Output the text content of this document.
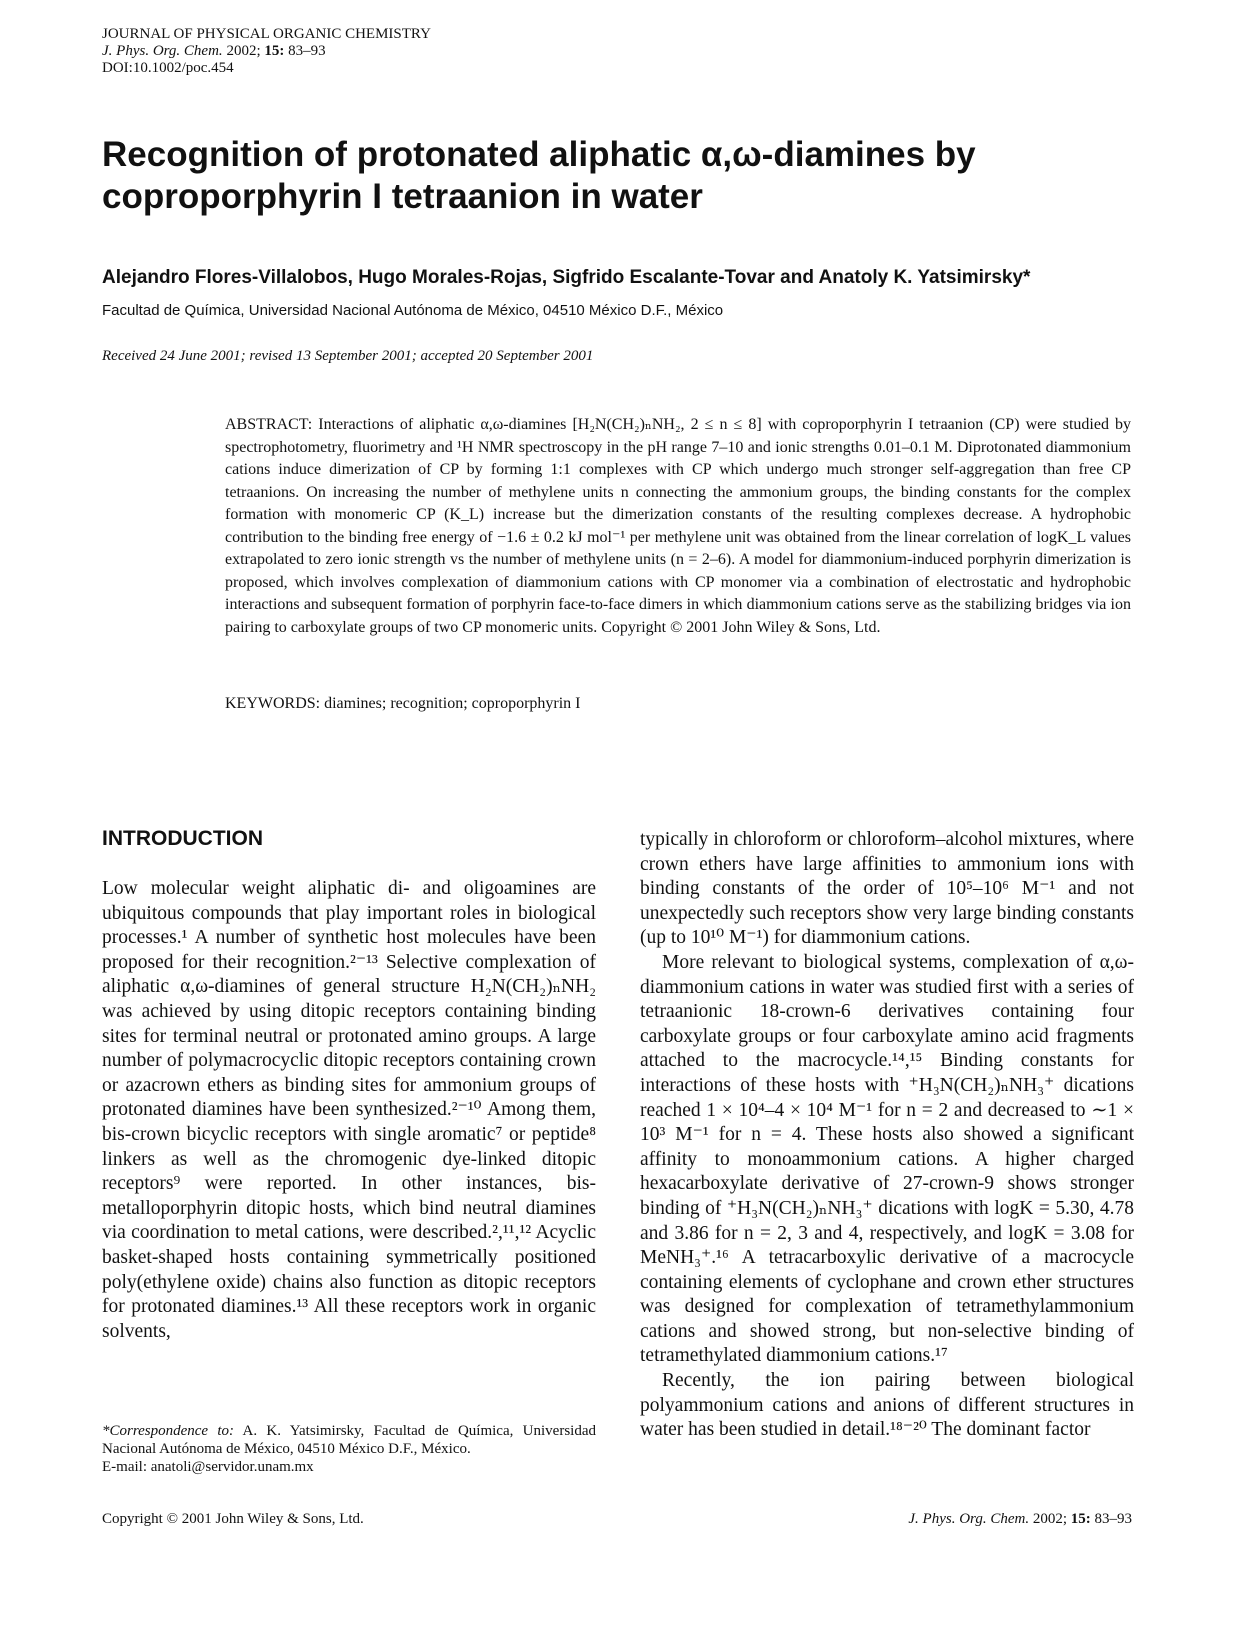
JOURNAL OF PHYSICAL ORGANIC CHEMISTRY
J. Phys. Org. Chem. 2002; 15: 83–93
DOI:10.1002/poc.454
Recognition of protonated aliphatic α,ω-diamines by coproporphyrin I tetraanion in water
Alejandro Flores-Villalobos, Hugo Morales-Rojas, Sigfrido Escalante-Tovar and Anatoly K. Yatsimirsky*
Facultad de Química, Universidad Nacional Autónoma de México, 04510 México D.F., México
Received 24 June 2001; revised 13 September 2001; accepted 20 September 2001
ABSTRACT: Interactions of aliphatic α,ω-diamines [H₂N(CH₂)ₙNH₂, 2 ≤ n ≤ 8] with coproporphyrin I tetraanion (CP) were studied by spectrophotometry, fluorimetry and ¹H NMR spectroscopy in the pH range 7–10 and ionic strengths 0.01–0.1 M. Diprotonated diammonium cations induce dimerization of CP by forming 1:1 complexes with CP which undergo much stronger self-aggregation than free CP tetraanions. On increasing the number of methylene units n connecting the ammonium groups, the binding constants for the complex formation with monomeric CP (K_L) increase but the dimerization constants of the resulting complexes decrease. A hydrophobic contribution to the binding free energy of −1.6 ± 0.2 kJ mol⁻¹ per methylene unit was obtained from the linear correlation of logK_L values extrapolated to zero ionic strength vs the number of methylene units (n = 2–6). A model for diammonium-induced porphyrin dimerization is proposed, which involves complexation of diammonium cations with CP monomer via a combination of electrostatic and hydrophobic interactions and subsequent formation of porphyrin face-to-face dimers in which diammonium cations serve as the stabilizing bridges via ion pairing to carboxylate groups of two CP monomeric units. Copyright © 2001 John Wiley & Sons, Ltd.
KEYWORDS: diamines; recognition; coproporphyrin I
INTRODUCTION

Low molecular weight aliphatic di- and oligoamines are ubiquitous compounds that play important roles in biological processes.¹ A number of synthetic host molecules have been proposed for their recognition.²⁻¹³ Selective complexation of aliphatic α,ω-diamines of general structure H₂N(CH₂)ₙNH₂ was achieved by using ditopic receptors containing binding sites for terminal neutral or protonated amino groups. A large number of polymacrocyclic ditopic receptors containing crown or azacrown ethers as binding sites for ammonium groups of protonated diamines have been synthesized.²⁻¹⁰ Among them, bis-crown bicyclic receptors with single aromatic⁷ or peptide⁸ linkers as well as the chromogenic dye-linked ditopic receptors⁹ were reported. In other instances, bis-metalloporphyrin ditopic hosts, which bind neutral diamines via coordination to metal cations, were described.²,¹¹,¹² Acyclic basket-shaped hosts containing symmetrically positioned poly(ethylene oxide) chains also function as ditopic receptors for protonated diamines.¹³ All these receptors work in organic solvents,

typically in chloroform or chloroform–alcohol mixtures, where crown ethers have large affinities to ammonium ions with binding constants of the order of 10⁵–10⁶ M⁻¹ and not unexpectedly such receptors show very large binding constants (up to 10¹⁰ M⁻¹) for diammonium cations.

More relevant to biological systems, complexation of α,ω-diammonium cations in water was studied first with a series of tetraanionic 18-crown-6 derivatives containing four carboxylate groups or four carboxylate amino acid fragments attached to the macrocycle.¹⁴,¹⁵ Binding constants for interactions of these hosts with ⁺H₃N(CH₂)ₙNH₃⁺ dications reached 1 × 10⁴–4 × 10⁴ M⁻¹ for n = 2 and decreased to ∼1 × 10³ M⁻¹ for n = 4. These hosts also showed a significant affinity to monoammonium cations. A higher charged hexacarboxylate derivative of 27-crown-9 shows stronger binding of ⁺H₃N(CH₂)ₙNH₃⁺ dications with logK = 5.30, 4.78 and 3.86 for n = 2, 3 and 4, respectively, and logK = 3.08 for MeNH₃⁺.¹⁶ A tetracarboxylic derivative of a macrocycle containing elements of cyclophane and crown ether structures was designed for complexation of tetramethylammonium cations and showed strong, but non-selective binding of tetramethylated diammonium cations.¹⁷

Recently, the ion pairing between biological polyammonium cations and anions of different structures in water has been studied in detail.¹⁸⁻²⁰ The dominant factor

*Correspondence to: A. K. Yatsimirsky, Facultad de Química, Universidad Nacional Autónoma de México, 04510 México D.F., México.
E-mail: anatoli@servidor.unam.mx
Copyright © 2001 John Wiley & Sons, Ltd.	J. Phys. Org. Chem. 2002; 15: 83–93
